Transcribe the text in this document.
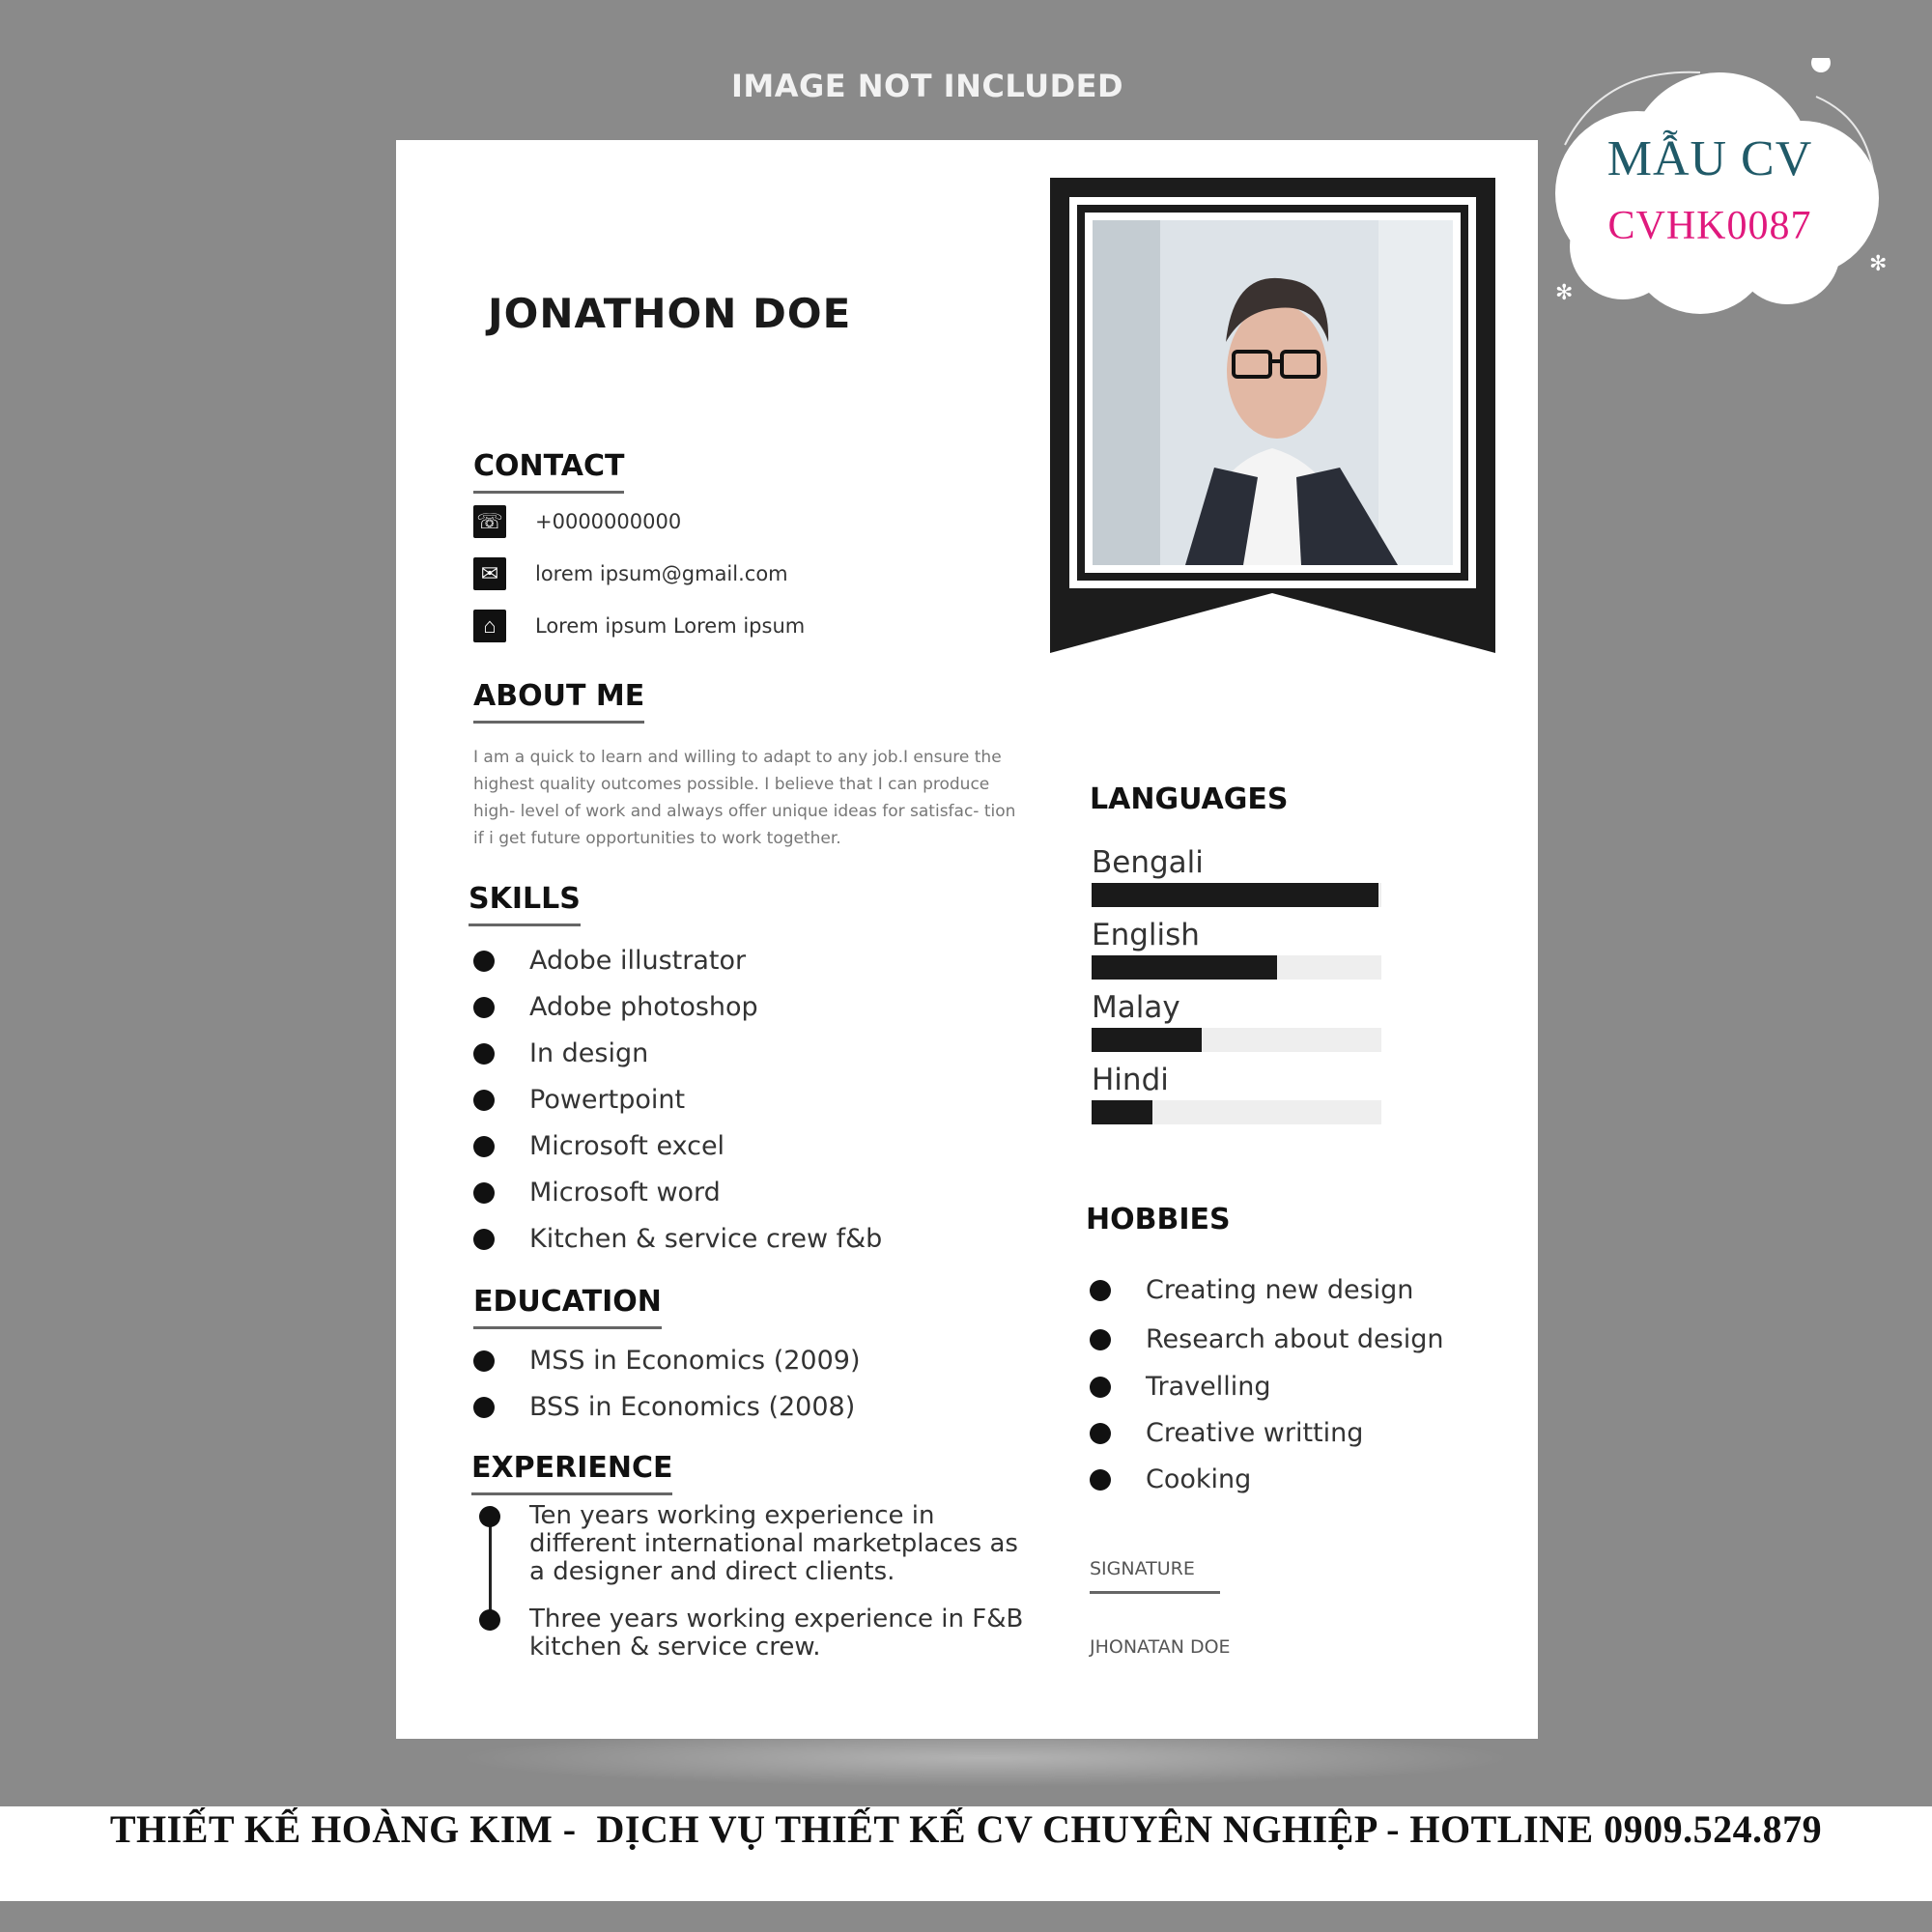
IMAGE NOT INCLUDED
✻
✻
MẪU CV
CVHK0087
JONATHON DOE
CONTACT
☏ +0000000000
✉	lorem ipsum@gmail.com
⌂	Lorem ipsum Lorem ipsum
ABOUT ME
I am a quick to learn and willing to adapt to any job.I ensure the highest quality outcomes possible. I believe that I can produce high- level of work and always offer unique ideas for satisfac- tion if i get future opportunities to work together.
SKILLS
Adobe illustrator
Adobe photoshop
In design
Powertpoint
Microsoft excel
Microsoft word
Kitchen & service crew f&b
EDUCATION
MSS in Economics (2009)
BSS in Economics (2008)
EXPERIENCE
Ten years working experience in different international marketplaces as a designer and direct clients.
Three years working experience in F&B kitchen & service crew.
LANGUAGES
Bengali
English
Malay
Hindi
HOBBIES
Creating new design
Research about design
Travelling
Creative writting
Cooking
SIGNATURE
JHONATAN DOE
THIẾT KẾ HOÀNG KIM -  DỊCH VỤ THIẾT KẾ CV CHUYÊN NGHIỆP - HOTLINE 0909.524.879
